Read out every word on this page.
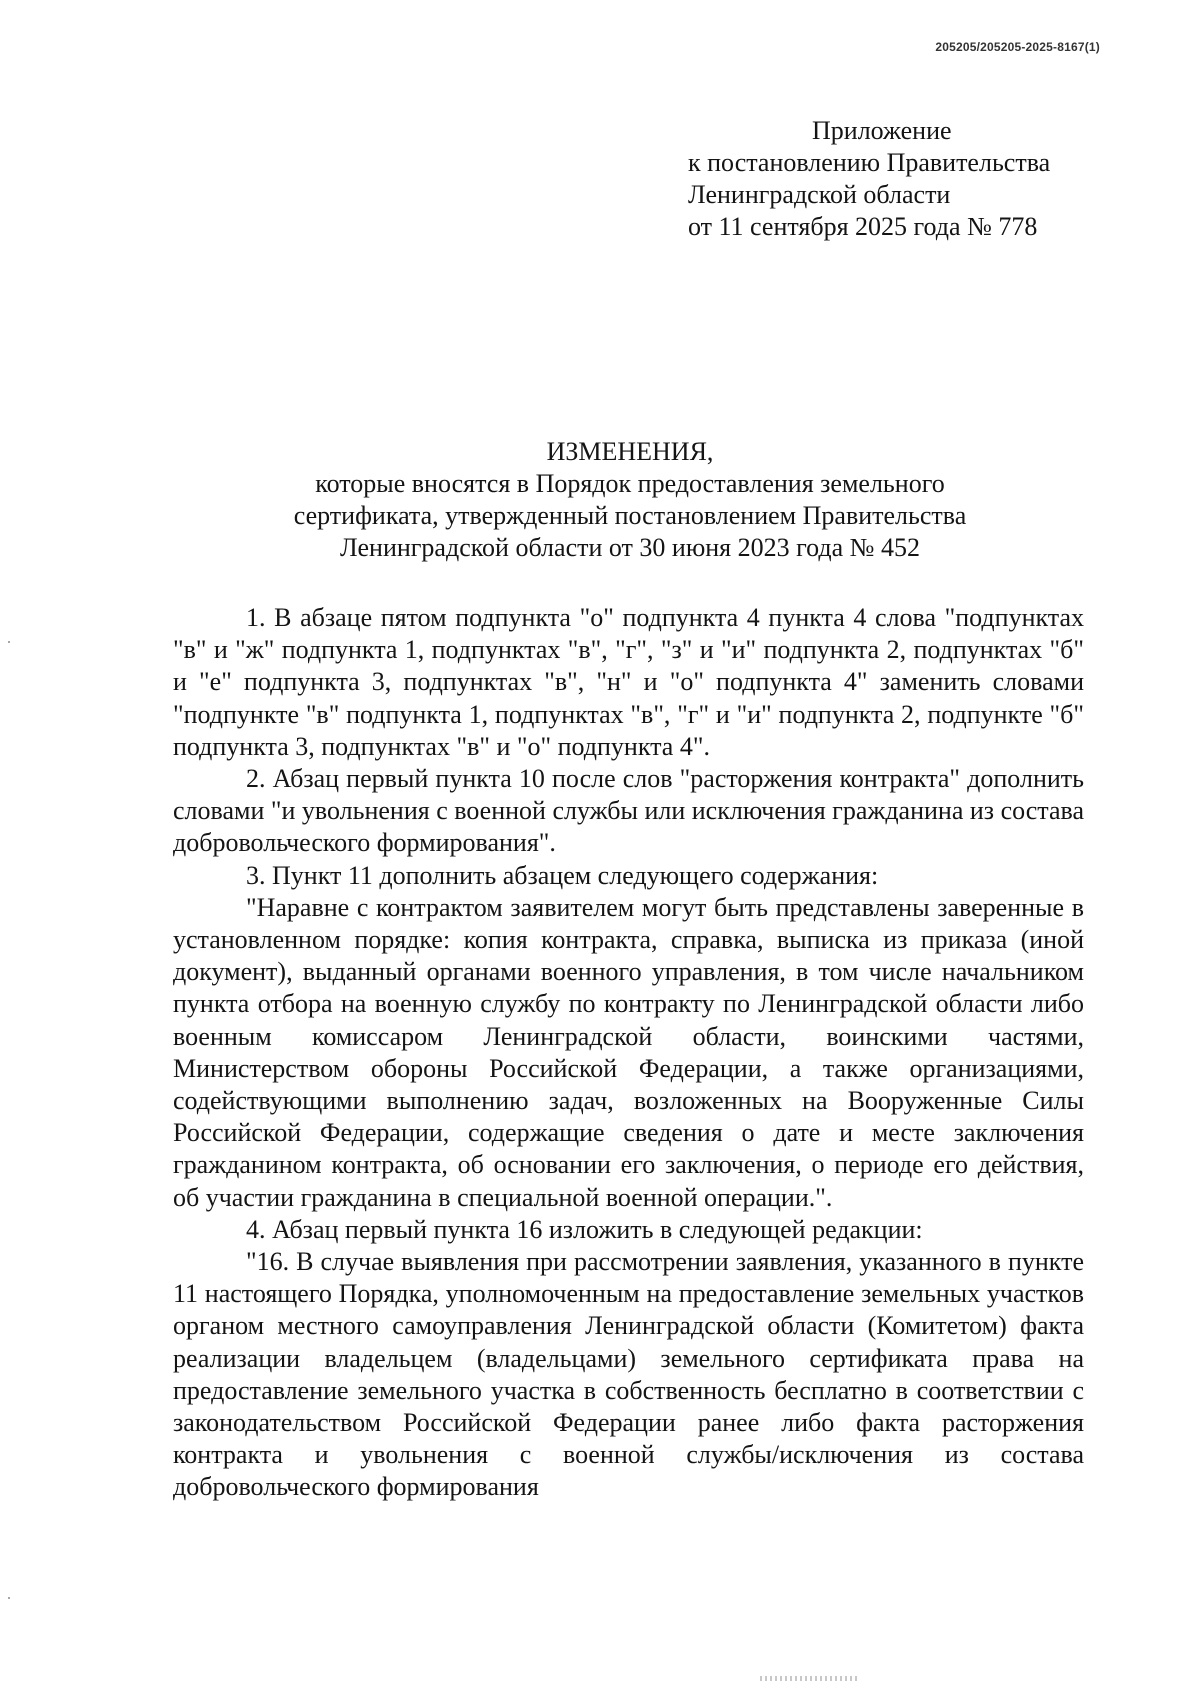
205205/205205-2025-8167(1)
Приложение
к постановлению Правительства
Ленинградской области
от 11 сентября 2025 года № 778
ИЗМЕНЕНИЯ,
которые вносятся в Порядок предоставления земельного
сертификата, утвержденный постановлением Правительства
Ленинградской области от 30 июня 2023 года № 452

1. В абзаце пятом подпункта "о" подпункта 4 пункта 4 слова "подпунктах "в" и "ж" подпункта 1, подпунктах "в", "г", "з" и "и" подпункта 2, подпунктах "б" и "е" подпункта 3, подпунктах "в", "н" и "о" подпункта 4" заменить словами "подпункте "в" подпункта 1, подпунктах "в", "г" и "и" подпункта 2, подпункте "б" подпункта 3, подпунктах "в" и "о" подпункта 4".

2. Абзац первый пункта 10 после слов "расторжения контракта" дополнить словами "и увольнения с военной службы или исключения гражданина из состава добровольческого формирования".

3. Пункт 11 дополнить абзацем следующего содержания:

"Наравне с контрактом заявителем могут быть представлены заверенные в установленном порядке: копия контракта, справка, выписка из приказа (иной документ), выданный органами военного управления, в том числе начальником пункта отбора на военную службу по контракту по Ленинградской области либо военным комиссаром Ленинградской области, воинскими частями, Министерством обороны Российской Федерации, а также организациями, содействующими выполнению задач, возложенных на Вооруженные Силы Российской Федерации, содержащие сведения о дате и месте заключения гражданином контракта, об основании его заключения, о периоде его действия, об участии гражданина в специальной военной операции.".

4. Абзац первый пункта 16 изложить в следующей редакции:

"16. В случае выявления при рассмотрении заявления, указанного в пункте 11 настоящего Порядка, уполномоченным на предоставление земельных участков органом местного самоуправления Ленинградской области (Комитетом) факта реализации владельцем (владельцами) земельного сертификата права на предоставление земельного участка в собственность бесплатно в соответствии с законодательством Российской Федерации ранее либо факта расторжения контракта и увольнения с военной службы/исключения из состава добровольческого формирования
